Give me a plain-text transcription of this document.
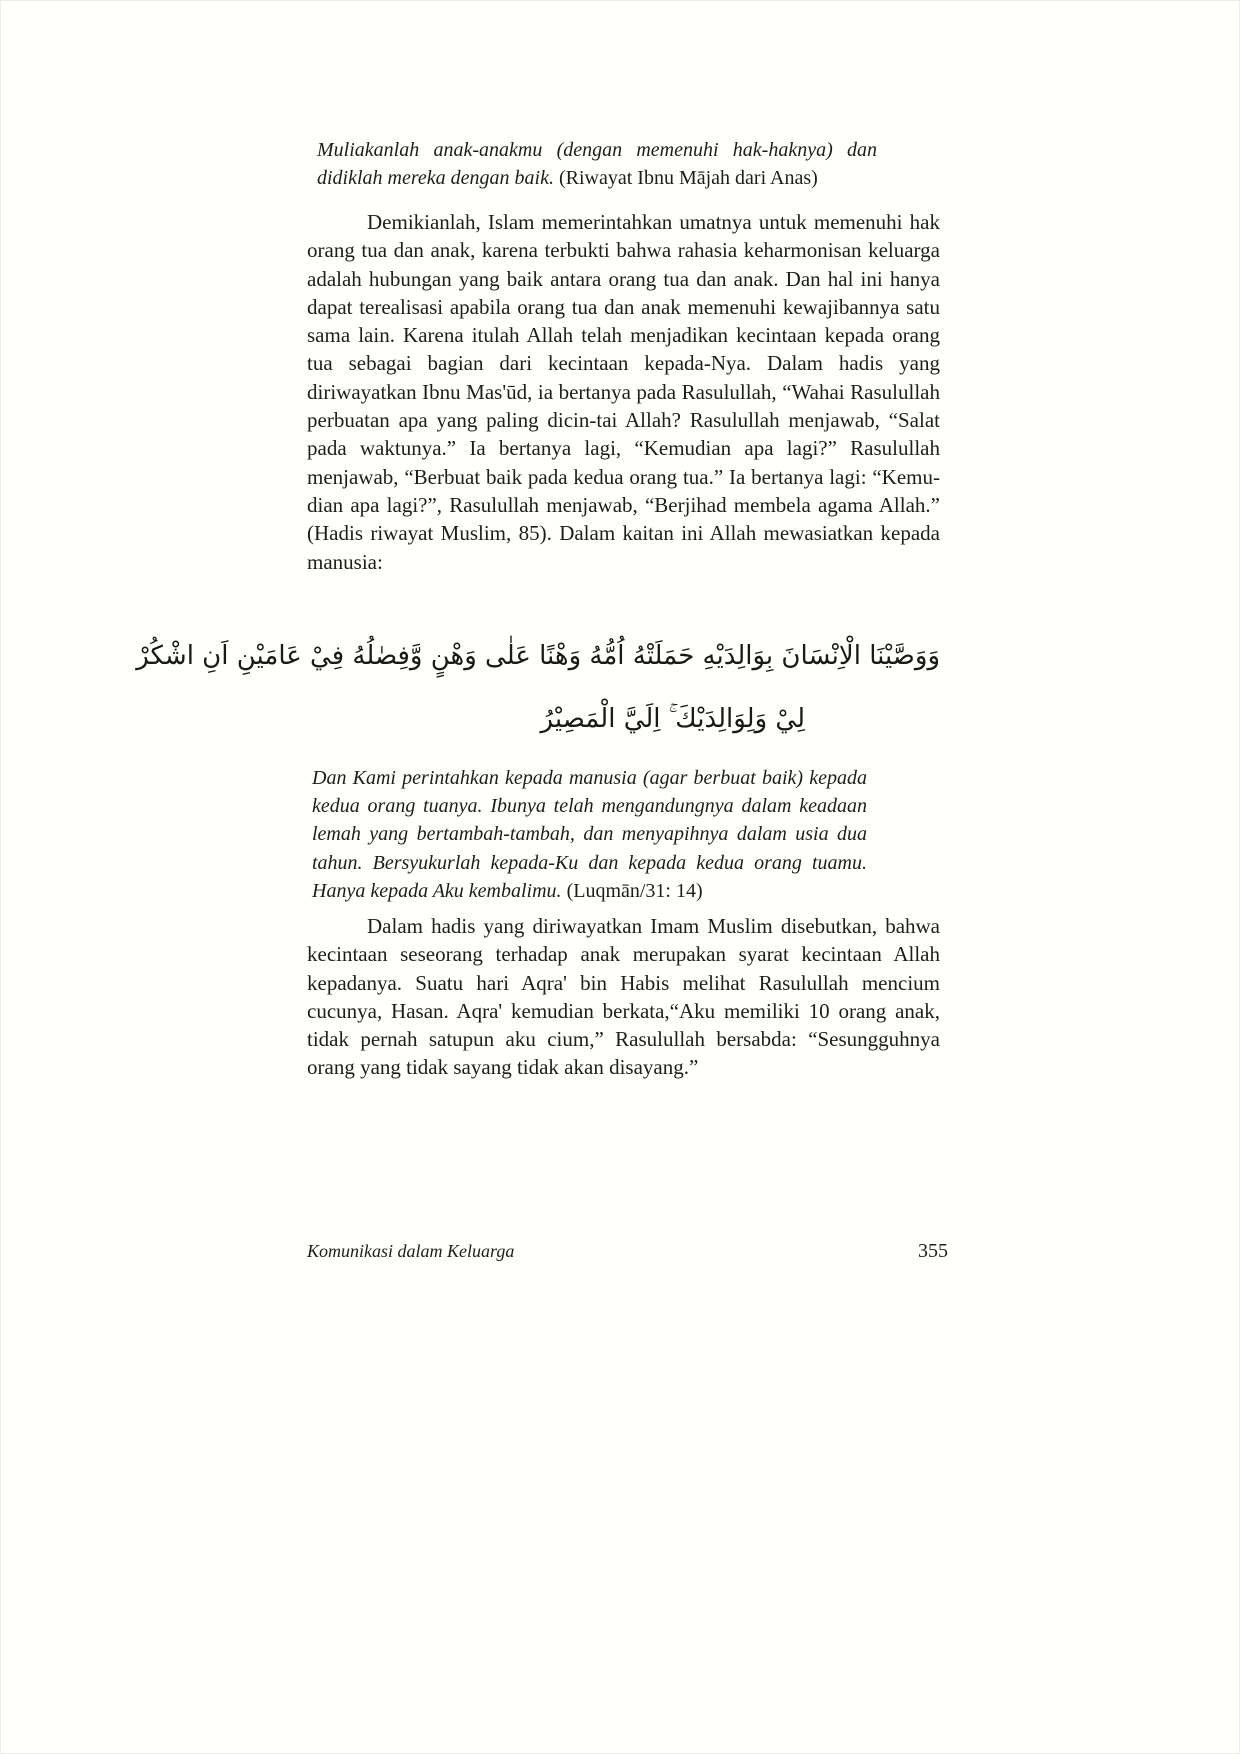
Muliakanlah anak-anakmu (dengan memenuhi hak-haknya) dan didiklah mereka dengan baik. (Riwayat Ibnu Mājah dari Anas)

Demikianlah, Islam memerintahkan umatnya untuk memenuhi hak orang tua dan anak, karena terbukti bahwa rahasia keharmonisan keluarga adalah hubungan yang baik antara orang tua dan anak. Dan hal ini hanya dapat terealisasi apabila orang tua dan anak memenuhi kewajibannya satu sama lain. Karena itulah Allah telah menjadikan kecintaan kepada orang tua sebagai bagian dari kecintaan kepada-Nya. Dalam hadis yang diriwayatkan Ibnu Mas'ūd, ia bertanya pada Rasulullah, “Wahai Rasulullah perbuatan apa yang paling dicin-tai Allah? Rasulullah menjawab, “Salat pada waktunya.” Ia bertanya lagi, “Kemudian apa lagi?” Rasulullah menjawab, “Berbuat baik pada kedua orang tua.” Ia bertanya lagi: “Kemu-dian apa lagi?”, Rasulullah menjawab, “Berjihad membela agama Allah.” (Hadis riwayat Muslim, 85). Dalam kaitan ini Allah mewasiatkan kepada manusia:

وَوَصَّيْنَا الْاِنْسَانَ بِوَالِدَيْهِ حَمَلَتْهُ اُمُّهُ وَهْنًا عَلٰى وَهْنٍ وَّفِصٰلُهُ فِيْ عَامَيْنِ اَنِ اشْكُرْ
لِيْ وَلِوَالِدَيْكَ ۚ اِلَيَّ الْمَصِيْرُ
Dan Kami perintahkan kepada manusia (agar berbuat baik) kepada kedua orang tuanya. Ibunya telah mengandungnya dalam keadaan lemah yang bertambah-tambah, dan menyapihnya dalam usia dua tahun. Bersyukurlah kepada-Ku dan kepada kedua orang tuamu. Hanya kepada Aku kembalimu. (Luqmān/31: 14)

Dalam hadis yang diriwayatkan Imam Muslim disebutkan, bahwa kecintaan seseorang terhadap anak merupakan syarat kecintaan Allah kepadanya. Suatu hari Aqra' bin Habis melihat Rasulullah mencium cucunya, Hasan. Aqra' kemudian berkata,“Aku memiliki 10 orang anak, tidak pernah satupun aku cium,” Rasulullah bersabda: “Sesungguhnya orang yang tidak sayang tidak akan disayang.”

Komunikasi dalam Keluarga	355
